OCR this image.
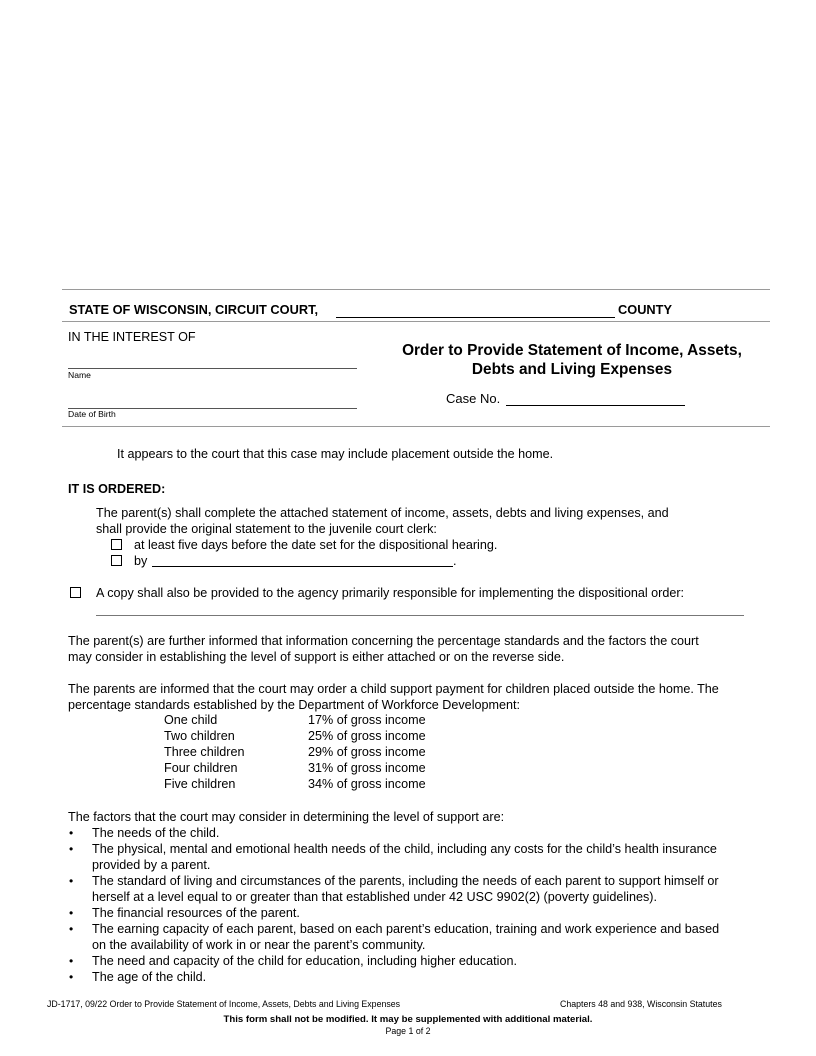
STATE OF WISCONSIN, CIRCUIT COURT,	COUNTY
IN THE INTEREST OF
Name
Date of Birth
Order to Provide Statement of Income, Assets,
Debts and Living Expenses
Case No.
It appears to the court that this case may include placement outside the home.
IT IS ORDERED:
The parent(s) shall complete the attached statement of income, assets, debts and living expenses, and
shall provide the original statement to the juvenile court clerk:
at least five days before the date set for the dispositional hearing.
by	.
A copy shall also be provided to the agency primarily responsible for implementing the dispositional order:
The parent(s) are further informed that information concerning the percentage standards and the factors the court
may consider in establishing the level of support is either attached or on the reverse side.
The parents are informed that the court may order a child support payment for children placed outside the home. The
percentage standards established by the Department of Workforce Development:
One child	17% of gross income
Two children	25% of gross income
Three children	29% of gross income
Four children	31% of gross income
Five children	34% of gross income
The factors that the court may consider in determining the level of support are:
• The needs of the child.
• The physical, mental and emotional health needs of the child, including any costs for the child’s health insurance
provided by a parent.
• The standard of living and circumstances of the parents, including the needs of each parent to support himself or
herself at a level equal to or greater than that established under 42 USC 9902(2) (poverty guidelines).
• The financial resources of the parent.
• The earning capacity of each parent, based on each parent’s education, training and work experience and based
on the availability of work in or near the parent’s community.
• The need and capacity of the child for education, including higher education.
• The age of the child.
JD-1717, 09/22 Order to Provide Statement of Income, Assets, Debts and Living Expenses	Chapters 48 and 938, Wisconsin Statutes
This form shall not be modified. It may be supplemented with additional material.
Page 1 of 2
